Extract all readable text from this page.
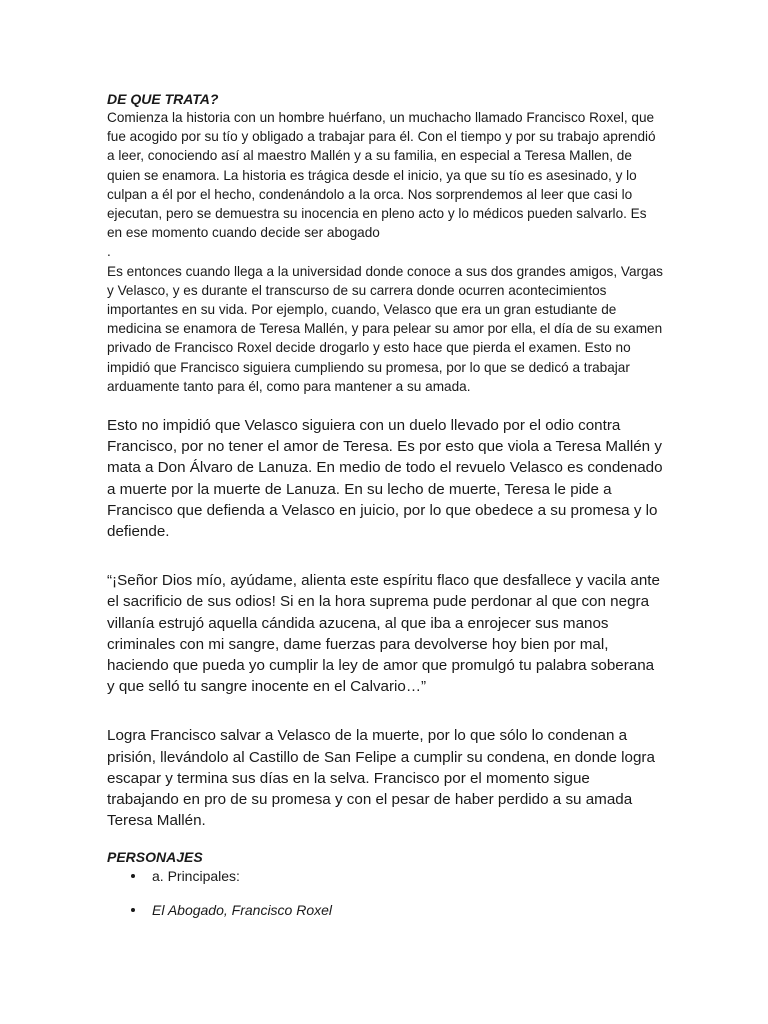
DE QUE TRATA?

Comienza la historia con un hombre huérfano, un muchacho llamado Francisco Roxel, que fue acogido por su tío y obligado a trabajar para él. Con el tiempo y por su trabajo aprendió a leer, conociendo así al maestro Mallén y a su familia, en especial a Teresa Mallen, de quien se enamora. La historia es trágica desde el inicio, ya que su tío es asesinado, y lo culpan a él por el hecho, condenándolo a la orca. Nos sorprendemos al leer que casi lo ejecutan, pero se demuestra su inocencia en pleno acto y lo médicos pueden salvarlo. Es en ese momento cuando decide ser abogado

.

Es entonces cuando llega a la universidad donde conoce a sus dos grandes amigos, Vargas y Velasco, y es durante el transcurso de su carrera donde ocurren acontecimientos importantes en su vida. Por ejemplo, cuando, Velasco que era un gran estudiante de medicina se enamora de Teresa Mallén, y para pelear su amor por ella, el día de su examen privado de Francisco Roxel decide drogarlo y esto hace que pierda el examen. Esto no impidió que Francisco siguiera cumpliendo su promesa, por lo que se dedicó a trabajar arduamente tanto para él, como para mantener a su amada.

Esto no impidió que Velasco siguiera con un duelo llevado por el odio contra Francisco, por no tener el amor de Teresa. Es por esto que viola a Teresa Mallén y mata a Don Álvaro de Lanuza. En medio de todo el revuelo Velasco es condenado a muerte por la muerte de Lanuza. En su lecho de muerte, Teresa le pide a Francisco que defienda a Velasco en juicio, por lo que obedece a su promesa y lo defiende.

“¡Señor Dios mío, ayúdame, alienta este espíritu flaco que desfallece y vacila ante el sacrificio de sus odios! Si en la hora suprema pude perdonar al que con negra villanía estrujó aquella cándida azucena, al que iba a enrojecer sus manos criminales con mi sangre, dame fuerzas para devolverse hoy bien por mal, haciendo que pueda yo cumplir la ley de amor que promulgó tu palabra soberana y que selló tu sangre inocente en el Calvario…”

Logra Francisco salvar a Velasco de la muerte, por lo que sólo lo condenan a prisión, llevándolo al Castillo de San Felipe a cumplir su condena, en donde logra escapar y termina sus días en la selva. Francisco por el momento sigue trabajando en pro de su promesa y con el pesar de haber perdido a su amada Teresa Mallén.

PERSONAJES
a. Principales:
El Abogado, Francisco Roxel
